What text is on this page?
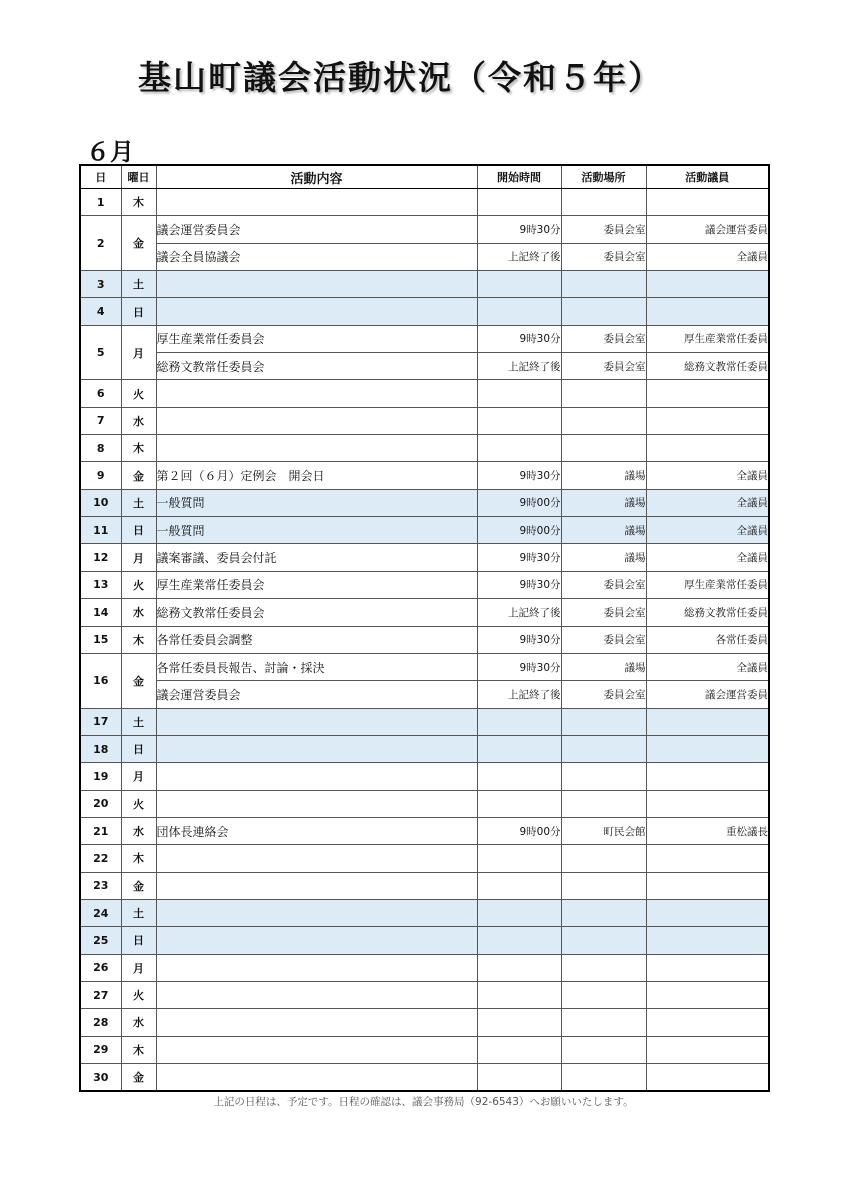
基山町議会活動状況（令和５年）
６月
日	曜日	活動内容	開始時間	活動場所	活動議員
1	木				
2	金	議会運営委員会	9時30分	委員会室	議会運営委員
		議会全員協議会	上記終了後	委員会室	全議員
3	土				
4	日				
5	月	厚生産業常任委員会	9時30分	委員会室	厚生産業常任委員
		総務文教常任委員会	上記終了後	委員会室	総務文教常任委員
6	火				
7	水				
8	木				
9	金	第２回（６月）定例会　開会日	9時30分	議場	全議員
10	土	一般質問	9時00分	議場	全議員
11	日	一般質問	9時00分	議場	全議員
12	月	議案審議、委員会付託	9時30分	議場	全議員
13	火	厚生産業常任委員会	9時30分	委員会室	厚生産業常任委員
14	水	総務文教常任委員会	上記終了後	委員会室	総務文教常任委員
15	木	各常任委員会調整	9時30分	委員会室	各常任委員
16	金	各常任委員長報告、討論・採決	9時30分	議場	全議員
		議会運営委員会	上記終了後	委員会室	議会運営委員
17	土				
18	日				
19	月				
20	火				
21	水	団体長連絡会	9時00分	町民会館	重松議長
22	木				
23	金				
24	土				
25	日				
26	月				
27	火				
28	水				
29	木				
30	金				
上記の日程は、予定です。日程の確認は、議会事務局（92-6543）へお願いいたします。
